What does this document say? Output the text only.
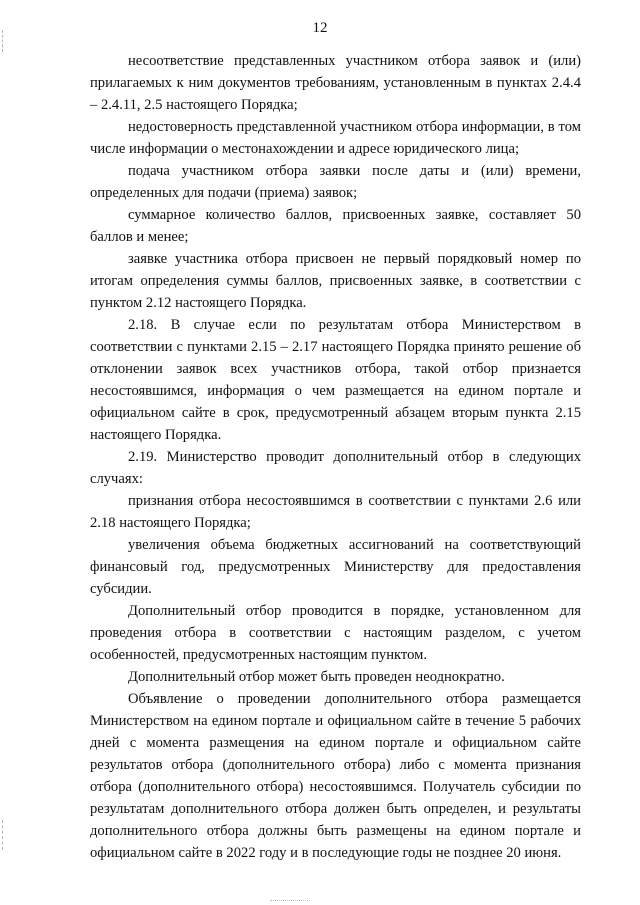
12

несоответствие представленных участником отбора заявок и (или) прилагаемых к ним документов требованиям, установленным в пунктах 2.4.4 – 2.4.11, 2.5 настоящего Порядка;

недостоверность представленной участником отбора информации, в том числе информации о местонахождении и адресе юридического лица;

подача участником отбора заявки после даты и (или) времени, определенных для подачи (приема) заявок;

суммарное количество баллов, присвоенных заявке, составляет 50 баллов и менее;

заявке участника отбора присвоен не первый порядковый номер по итогам определения суммы баллов, присвоенных заявке, в соответствии с пунктом 2.12 настоящего Порядка.

2.18. В случае если по результатам отбора Министерством в соответствии с пунктами 2.15 – 2.17 настоящего Порядка принято решение об отклонении заявок всех участников отбора, такой отбор признается несостоявшимся, информация о чем размещается на едином портале и официальном сайте в срок, предусмотренный абзацем вторым пункта 2.15 настоящего Порядка.

2.19. Министерство проводит дополнительный отбор в следующих случаях:

признания отбора несостоявшимся в соответствии с пунктами 2.6 или 2.18 настоящего Порядка;

увеличения объема бюджетных ассигнований на соответствующий финансовый год, предусмотренных Министерству для предоставления субсидии.

Дополнительный отбор проводится в порядке, установленном для проведения отбора в соответствии с настоящим разделом, с учетом особенностей, предусмотренных настоящим пунктом.

Дополнительный отбор может быть проведен неоднократно.

Объявление о проведении дополнительного отбора размещается Министерством на едином портале и официальном сайте в течение 5 рабочих дней с момента размещения на едином портале и официальном сайте результатов отбора (дополнительного отбора) либо с момента признания отбора (дополнительного отбора) несостоявшимся. Получатель субсидии по результатам дополнительного отбора должен быть определен, и результаты дополнительного отбора должны быть размещены на едином портале и официальном сайте в 2022 году и в последующие годы не позднее 20 июня.
